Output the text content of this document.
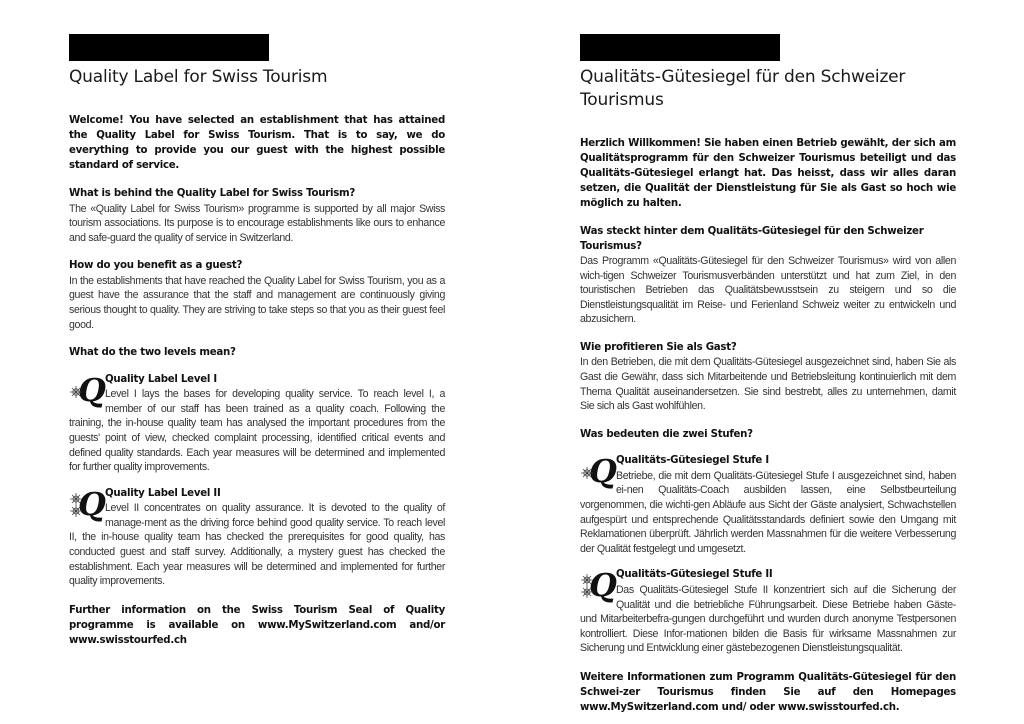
Quality Label for Swiss Tourism
Welcome! You have selected an establishment that has attained the Quality Label for Swiss Tourism. That is to say, we do everything to provide you our guest with the highest possible standard of service.
What is behind the Quality Label for Swiss Tourism?
The «Quality Label for Swiss Tourism» programme is supported by all major Swiss tourism associations. Its purpose is to encourage establishments like ours to enhance and safe-guard the quality of service in Switzerland.
How do you benefit as a guest?
In the establishments that have reached the Quality Label for Swiss Tourism, you as a guest have the assurance that the staff and management are continuously giving serious thought to quality. They are striving to take steps so that you as their guest feel good.
What do the two levels mean?
Q Quality Label Level I
Level I lays the bases for developing quality service. To reach level I, a member of our staff has been trained as a quality coach. Following the training, the in-house quality team has analysed the important procedures from the guests' point of view, checked complaint processing, identified critical events and defined quality standards. Each year measures will be determined and implemented for further quality improvements.
Q Quality Label Level II
Level II concentrates on quality assurance. It is devoted to the quality of manage-ment as the driving force behind good quality service. To reach level II, the in-house quality team has checked the prerequisites for good quality, has conducted guest and staff survey. Additionally, a mystery guest has checked the establishment. Each year measures will be determined and implemented for further quality improvements.
Further information on the Swiss Tourism Seal of Quality programme is available on www.MySwitzerland.com and/or www.swisstourfed.ch
Qualitäts-Gütesiegel für den Schweizer Tourismus
Herzlich Willkommen! Sie haben einen Betrieb gewählt, der sich am Qualitätsprogramm für den Schweizer Tourismus beteiligt und das Qualitäts-Gütesiegel erlangt hat. Das heisst, dass wir alles daran setzen, die Qualität der Dienstleistung für Sie als Gast so hoch wie möglich zu halten.
Was steckt hinter dem Qualitäts-Gütesiegel für den Schweizer Tourismus?
Das Programm «Qualitäts-Gütesiegel für den Schweizer Tourismus» wird von allen wich-tigen Schweizer Tourismusverbänden unterstützt und hat zum Ziel, in den touristischen Betrieben das Qualitätsbewusstsein zu steigern und so die Dienstleistungsqualität im Reise- und Ferienland Schweiz weiter zu entwickeln und abzusichern.
Wie profitieren Sie als Gast?
In den Betrieben, die mit dem Qualitäts-Gütesiegel ausgezeichnet sind, haben Sie als Gast die Gewähr, dass sich Mitarbeitende und Betriebsleitung kontinuierlich mit dem Thema Qualität auseinandersetzen. Sie sind bestrebt, alles zu unternehmen, damit Sie sich als Gast wohlfühlen.
Was bedeuten die zwei Stufen?
Q Qualitäts-Gütesiegel Stufe I
Betriebe, die mit dem Qualitäts-Gütesiegel Stufe I ausgezeichnet sind, haben ei-nen Qualitäts-Coach ausbilden lassen, eine Selbstbeurteilung vorgenommen, die wichti-gen Abläufe aus Sicht der Gäste analysiert, Schwachstellen aufgespürt und entsprechende Qualitätsstandards definiert sowie den Umgang mit Reklamationen überprüft. Jährlich werden Massnahmen für die weitere Verbesserung der Qualität festgelegt und umgesetzt.
Q Qualitäts-Gütesiegel Stufe II
Das Qualitäts-Gütesiegel Stufe II konzentriert sich auf die Sicherung der Qualität und die betriebliche Führungsarbeit. Diese Betriebe haben Gäste- und Mitarbeiterbefra-gungen durchgeführt und wurden durch anonyme Testpersonen kontrolliert. Diese Infor-mationen bilden die Basis für wirksame Massnahmen zur Sicherung und Entwicklung einer gästebezogenen Dienstleistungsqualität.
Weitere Informationen zum Programm Qualitäts-Gütesiegel für den Schwei-zer Tourismus finden Sie auf den Homepages www.MySwitzerland.com und/ oder www.swisstourfed.ch.
